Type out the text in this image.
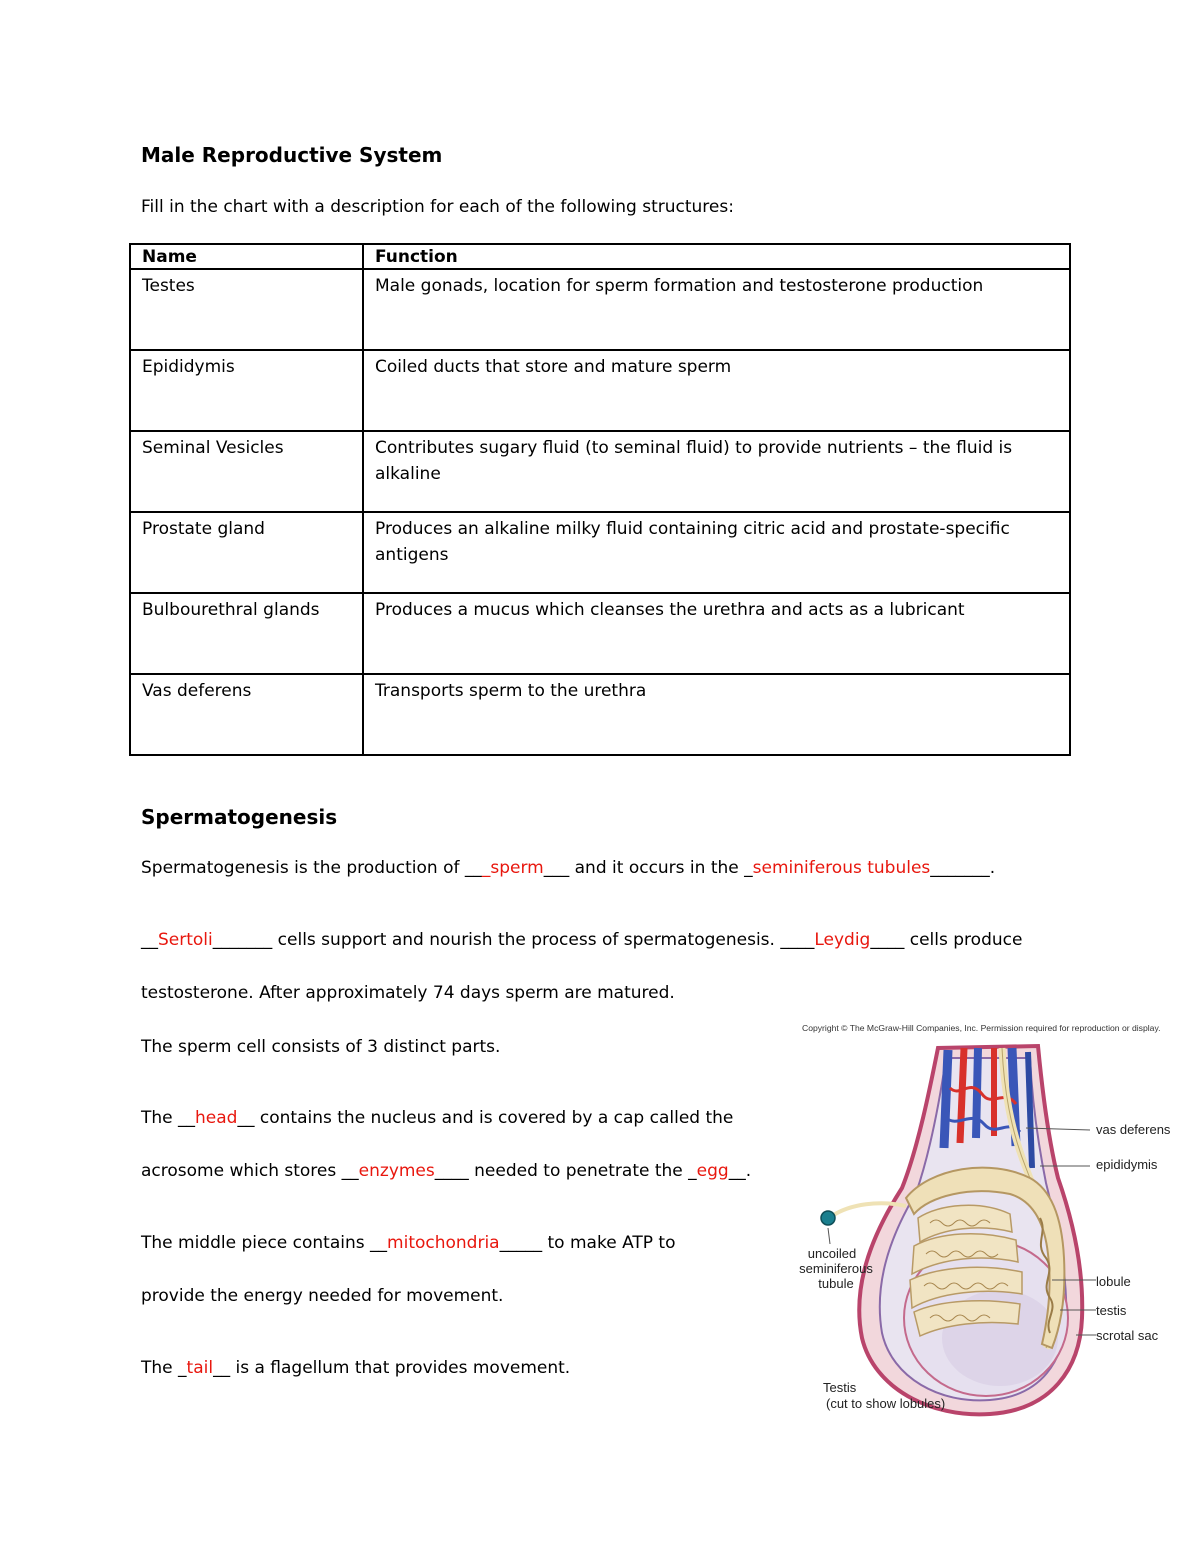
Male Reproductive System
Fill in the chart with a description for each of the following structures:
Name	Function
Testes	Male gonads, location for sperm formation and testosterone production
Epididymis	Coiled ducts that store and mature sperm
Seminal Vesicles	Contributes sugary fluid (to seminal fluid) to provide nutrients – the fluid is alkaline
Prostate gland	Produces an alkaline milky fluid containing citric acid and prostate-specific antigens
Bulbourethral glands	Produces a mucus which cleanses the urethra and acts as a lubricant
Vas deferens	Transports sperm to the urethra
Spermatogenesis
Spermatogenesis is the production of ___sperm___ and it occurs in the _seminiferous tubules_______.
__Sertoli_______ cells support and nourish the process of spermatogenesis. ____Leydig____ cells produce
testosterone. After approximately 74 days sperm are matured.
The sperm cell consists of 3 distinct parts.
The __head__ contains the nucleus and is covered by a cap called the
acrosome which stores __enzymes____ needed to penetrate the _egg__.
The middle piece contains __mitochondria_____ to make ATP to
provide the energy needed for movement.
The _tail__ is a flagellum that provides movement.
Copyright © The McGraw-Hill Companies, Inc. Permission required for reproduction or display.
vas deferens
epididymis
uncoiled
seminiferous
tubule	lobule
testis
scrotal sac
Testis
(cut to show lobules)
